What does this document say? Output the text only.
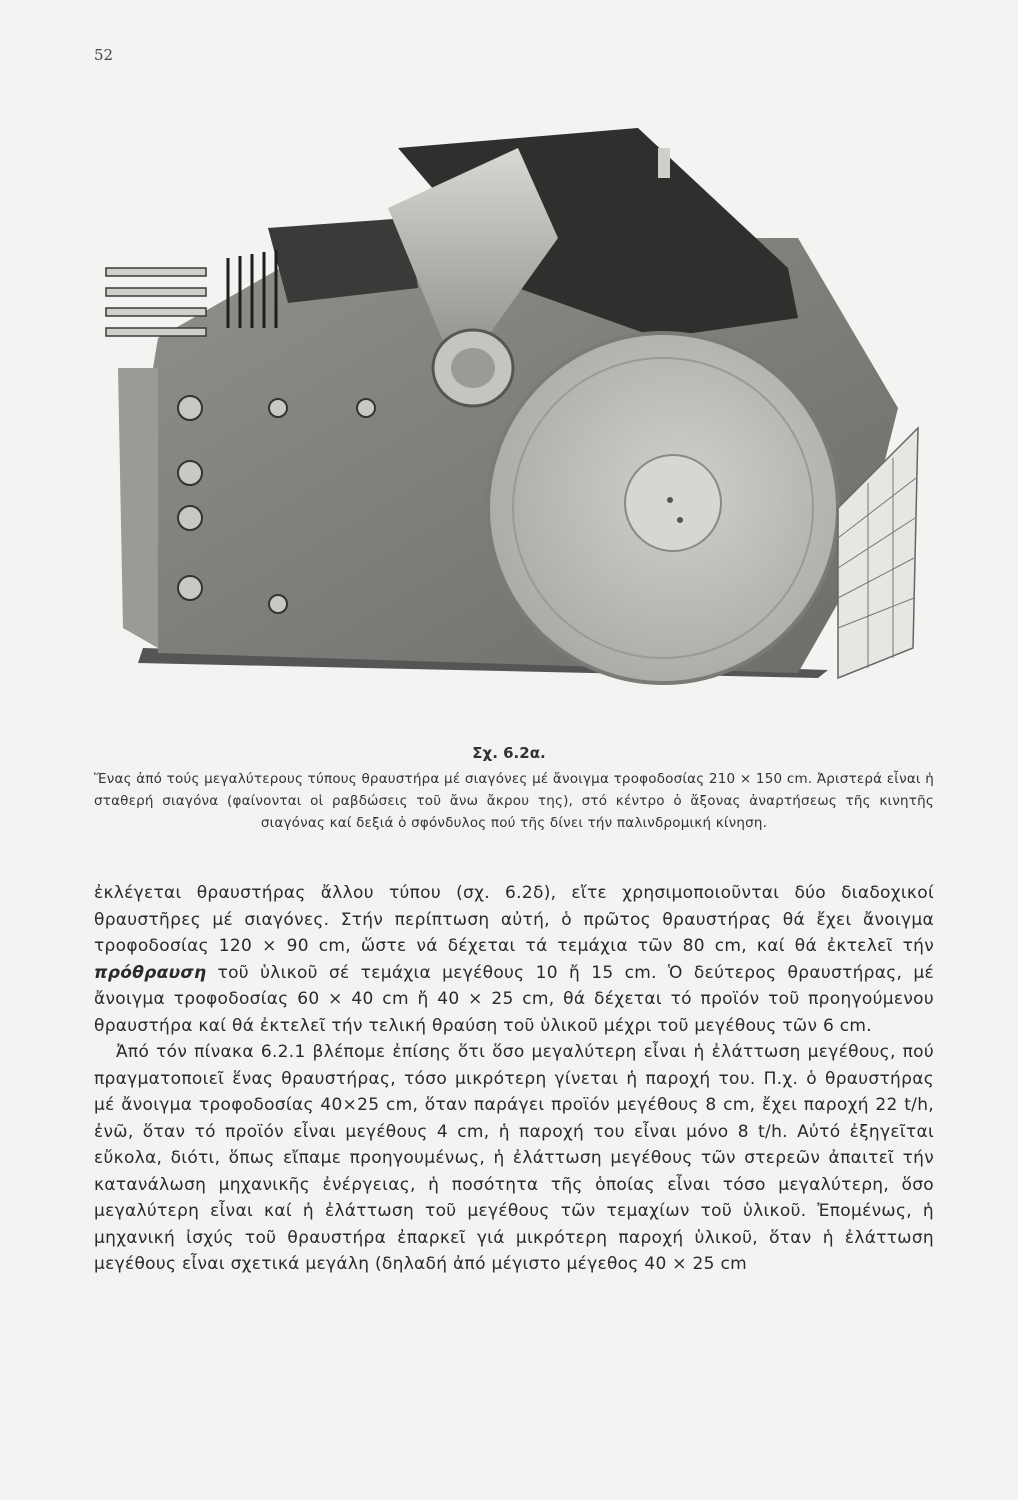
52
Σχ. 6.2α.
Ἕνας ἀπό τούς μεγαλύτερους τύπους θραυστήρα μέ σιαγόνες μέ ἄνοιγμα τροφοδοσίας 210 × 150 cm. Ἀριστερά εἶναι ἡ σταθερή σιαγόνα (φαίνονται οἱ ραβδώσεις τοῦ ἄνω ἄκρου της), στό κέντρο ὁ ἄξονας ἀναρτήσεως τῆς κινητῆς σιαγόνας καί δεξιά ὁ σφόνδυλος πού τῆς δίνει τήν παλινδρομική κίνηση.

ἐκλέγεται θραυστήρας ἄλλου τύπου (σχ. 6.2δ), εἴτε χρησιμοποιοῦνται δύο διαδοχικοί θραυστῆρες μέ σιαγόνες. Στήν περίπτωση αὐτή, ὁ πρῶτος θραυστήρας θά ἔχει ἄνοιγμα τροφοδοσίας 120 × 90 cm, ὥστε νά δέχεται τά τεμάχια τῶν 80 cm, καί θά ἐκτελεῖ τήν πρόθραυση τοῦ ὑλικοῦ σέ τεμάχια μεγέθους 10 ἤ 15 cm. Ὁ δεύτερος θραυστήρας, μέ ἄνοιγμα τροφοδοσίας 60 × 40 cm ἤ 40 × 25 cm, θά δέχεται τό προϊόν τοῦ προηγούμενου θραυστήρα καί θά ἐκτελεῖ τήν τελική θραύση τοῦ ὑλικοῦ μέχρι τοῦ μεγέθους τῶν 6 cm.

Ἀπό τόν πίνακα 6.2.1 βλέπομε ἐπίσης ὅτι ὅσο μεγαλύτερη εἶναι ἡ ἐλάττωση μεγέθους, πού πραγματοποιεῖ ἕνας θραυστήρας, τόσο μικρότερη γίνεται ἡ παροχή του. Π.χ. ὁ θραυστήρας μέ ἄνοιγμα τροφοδοσίας 40×25 cm, ὅταν παράγει προϊόν μεγέθους 8 cm, ἔχει παροχή 22 t/h, ἐνῶ, ὅταν τό προϊόν εἶναι μεγέθους 4 cm, ἡ παροχή του εἶναι μόνο 8 t/h. Αὐτό ἐξηγεῖται εὔκολα, διότι, ὅπως εἴπαμε προηγουμένως, ἡ ἐλάττωση μεγέθους τῶν στερεῶν ἀπαιτεῖ τήν κατανάλωση μηχανικῆς ἐνέργειας, ἡ ποσότητα τῆς ὁποίας εἶναι τόσο μεγαλύτερη, ὅσο μεγαλύτερη εἶναι καί ἡ ἐλάττωση τοῦ μεγέθους τῶν τεμαχίων τοῦ ὑλικοῦ. Ἐπομένως, ἡ μηχανική ἰσχύς τοῦ θραυστήρα ἐπαρκεῖ γιά μικρότερη παροχή ὑλικοῦ, ὅταν ἡ ἐλάττωση μεγέθους εἶναι σχετικά μεγάλη (δηλαδή ἀπό μέγιστο μέγεθος 40 × 25 cm
